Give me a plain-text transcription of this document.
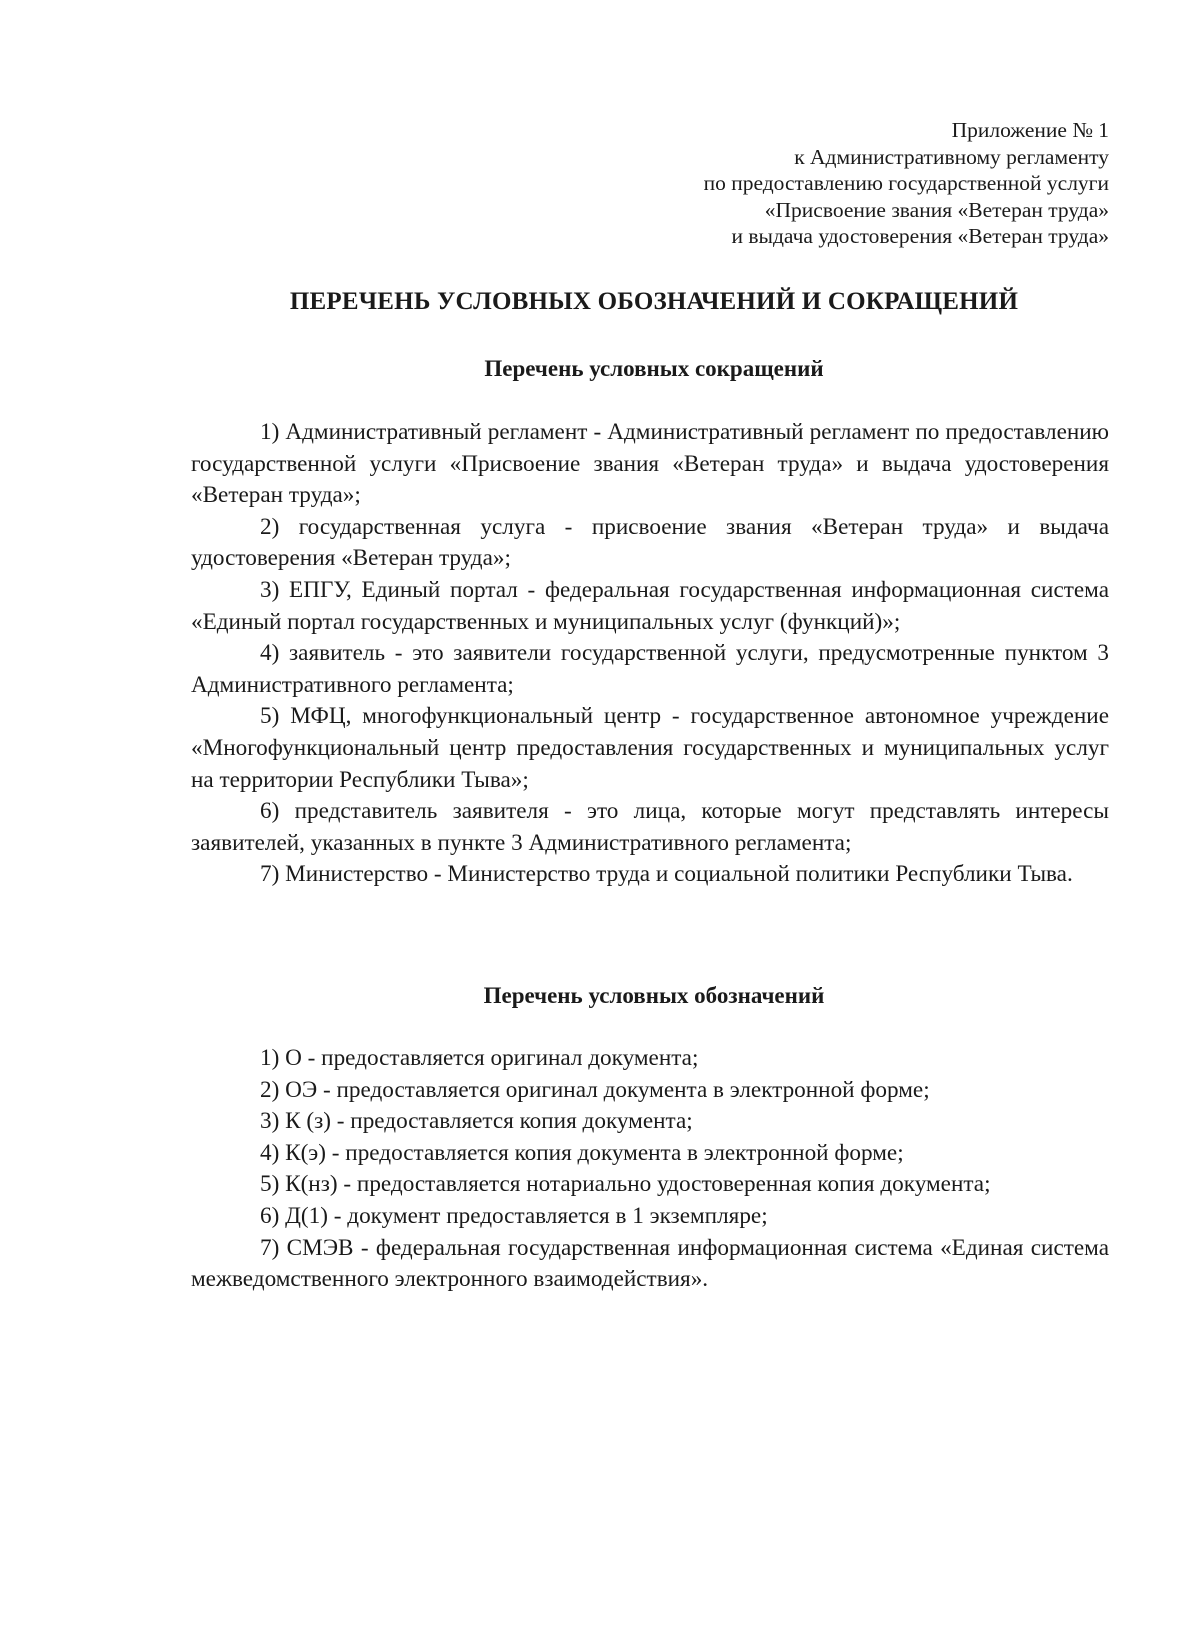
Приложение № 1
к Административному регламенту
по предоставлению государственной услуги
«Присвоение звания «Ветеран труда»
и выдача удостоверения «Ветеран труда»
ПЕРЕЧЕНЬ УСЛОВНЫХ ОБОЗНАЧЕНИЙ И СОКРАЩЕНИЙ
Перечень условных сокращений

1) Административный регламент - Административный регламент по предоставлению государственной услуги «Присвоение звания «Ветеран труда» и выдача удостоверения «Ветеран труда»;

2) государственная услуга - присвоение звания «Ветеран труда» и выдача удостоверения «Ветеран труда»;

3) ЕПГУ, Единый портал - федеральная государственная информационная система «Единый портал государственных и муниципальных услуг (функций)»;

4) заявитель - это заявители государственной услуги, предусмотренные пунктом 3 Административного регламента;

5) МФЦ, многофункциональный центр - государственное автономное учреждение «Многофункциональный центр предоставления государственных и муниципальных услуг на территории Республики Тыва»;

6) представитель заявителя - это лица, которые могут представлять интересы заявителей, указанных в пункте 3 Административного регламента;

7) Министерство - Министерство труда и социальной политики Республики Тыва.

Перечень условных обозначений

1) О - предоставляется оригинал документа;

2) ОЭ - предоставляется оригинал документа в электронной форме;

3) К (з) - предоставляется копия документа;

4) К(э) - предоставляется копия документа в электронной форме;

5) К(нз) - предоставляется нотариально удостоверенная копия документа;

6) Д(1) - документ предоставляется в 1 экземпляре;

7) СМЭВ - федеральная государственная информационная система «Единая система межведомственного электронного взаимодействия».
